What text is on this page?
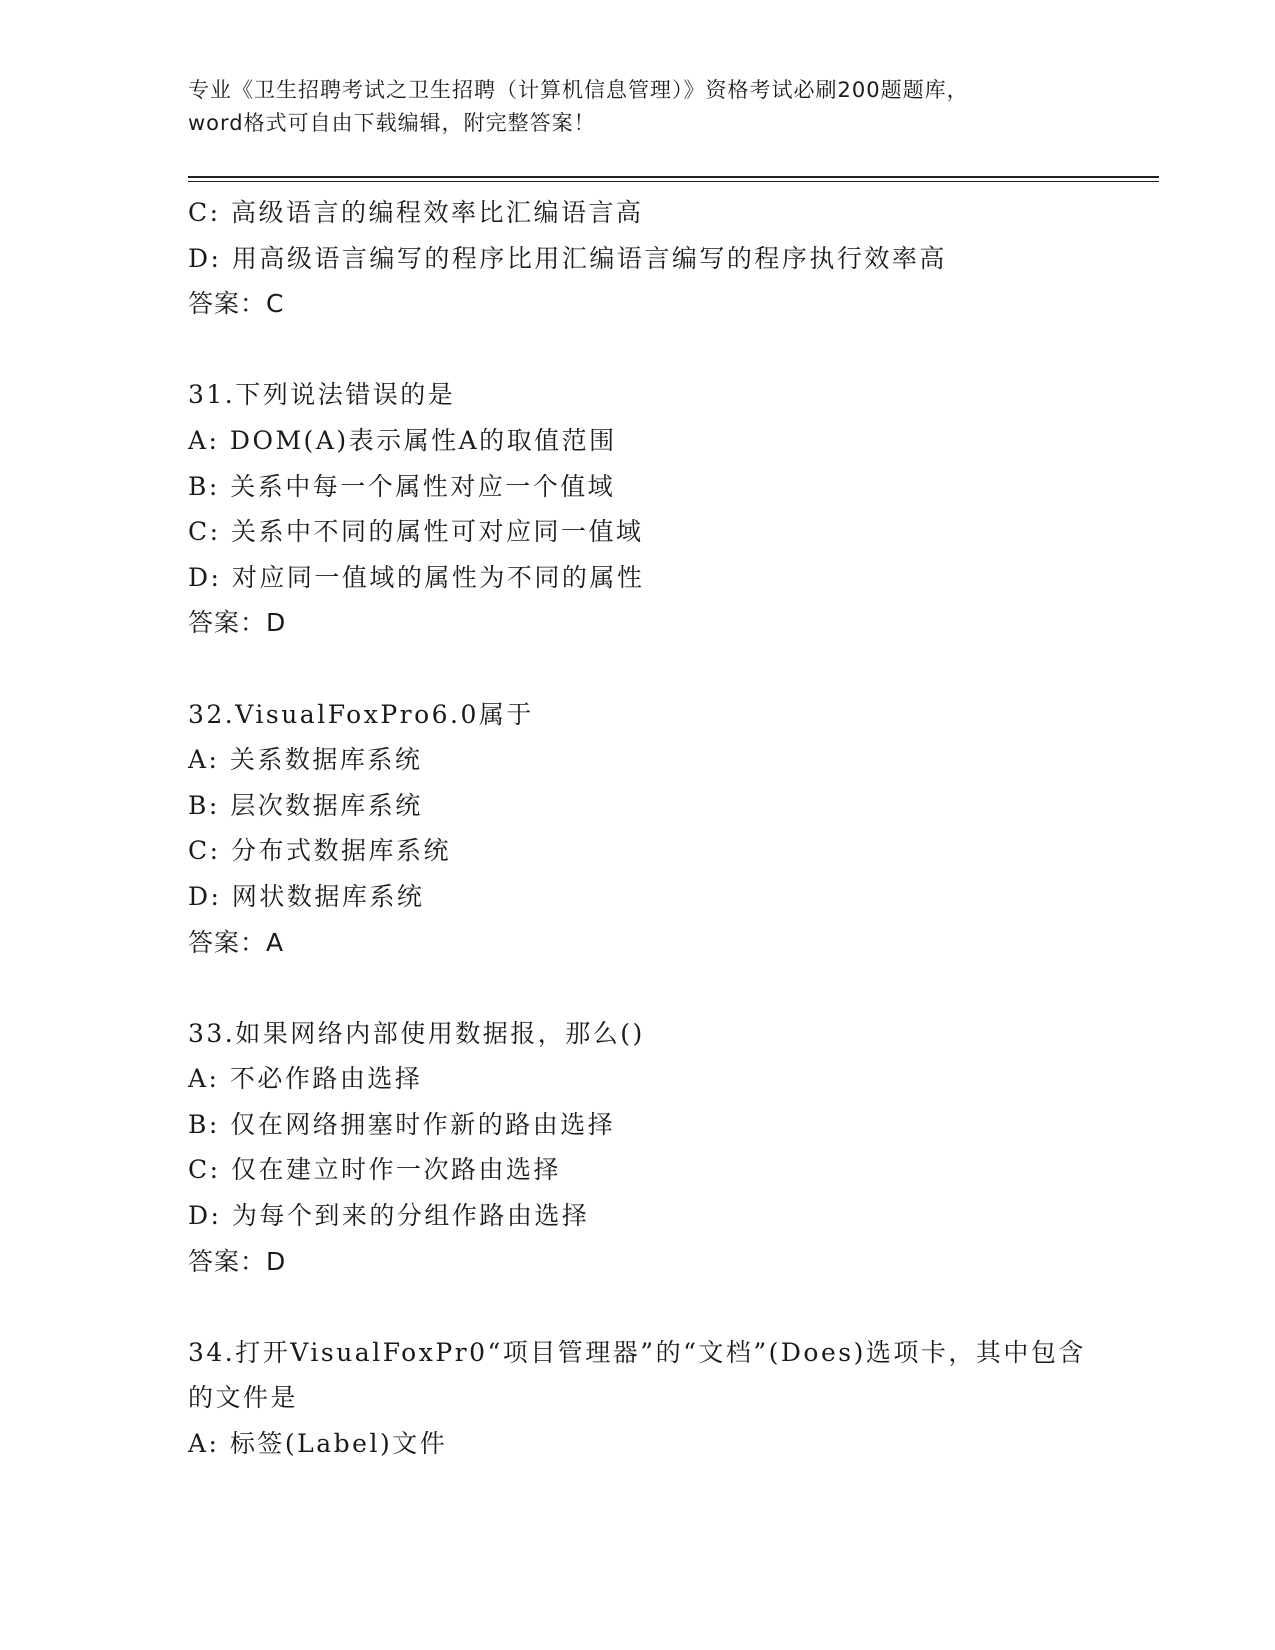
专业《卫生招聘考试之卫生招聘（计算机信息管理）》资格考试必刷200题题库，
word格式可自由下载编辑，附完整答案！
C: 高级语言的编程效率比汇编语言高
D: 用高级语言编写的程序比用汇编语言编写的程序执行效率高
答案：C
31.下列说法错误的是
A: DOM(A)表示属性A的取值范围
B: 关系中每一个属性对应一个值域
C: 关系中不同的属性可对应同一值域
D: 对应同一值域的属性为不同的属性
答案：D
32.VisualFoxPro6.0属于
A: 关系数据库系统
B: 层次数据库系统
C: 分布式数据库系统
D: 网状数据库系统
答案：A
33.如果网络内部使用数据报，那么()
A: 不必作路由选择
B: 仅在网络拥塞时作新的路由选择
C: 仅在建立时作一次路由选择
D: 为每个到来的分组作路由选择
答案：D
34.打开VisualFoxPr0“项目管理器”的“文档”(Does)选项卡，其中包含的文件是
A: 标签(Label)文件
